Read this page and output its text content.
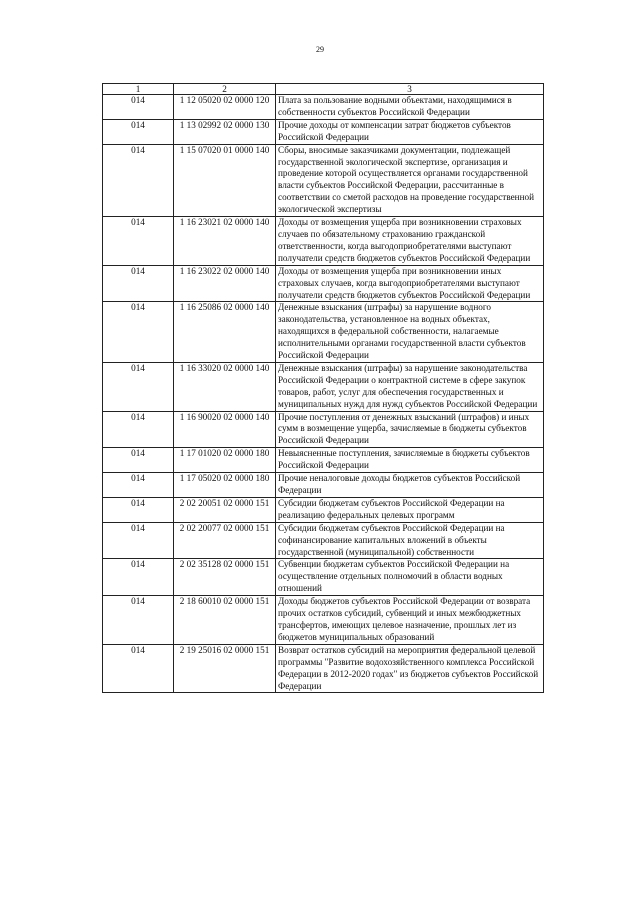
29
1	2	3
014	1 12 05020 02 0000 120	Плата за пользование водными объектами, находящимися в собственности субъектов Российской Федерации
014	1 13 02992 02 0000 130	Прочие доходы от компенсации затрат бюджетов субъектов Российской Федерации
014	1 15 07020 01 0000 140	Сборы, вносимые заказчиками документации, подлежащей государственной экологической экспертизе, организация и проведение которой осуществляется органами государственной власти субъектов Российской Федерации, рассчитанные в соответствии со сметой расходов на проведение государственной экологической экспертизы
014	1 16 23021 02 0000 140	Доходы от возмещения ущерба при возникновении страховых случаев по обязательному страхованию гражданской ответственности, когда выгодоприобретателями выступают получатели средств бюджетов субъектов Российской Федерации
014	1 16 23022 02 0000 140	Доходы от возмещения ущерба при возникновении иных страховых случаев, когда выгодоприобретателями выступают получатели средств бюджетов субъектов Российской Федерации
014	1 16 25086 02 0000 140	Денежные взыскания (штрафы) за нарушение водного законодательства, установленное на водных объектах, находящихся в федеральной собственности, налагаемые исполнительными органами государственной власти субъектов Российской Федерации
014	1 16 33020 02 0000 140	Денежные взыскания (штрафы) за нарушение законодательства Российской Федерации о контрактной системе в сфере закупок товаров, работ, услуг для обеспечения государственных и муниципальных нужд для нужд субъектов Российской Федерации
014	1 16 90020 02 0000 140	Прочие поступления от денежных взысканий (штрафов) и иных сумм в возмещение ущерба, зачисляемые в бюджеты субъектов Российской Федерации
014	1 17 01020 02 0000 180	Невыясненные поступления, зачисляемые в бюджеты субъектов Российской Федерации
014	1 17 05020 02 0000 180	Прочие неналоговые доходы бюджетов субъектов Российской Федерации
014	2 02 20051 02 0000 151	Субсидии бюджетам субъектов Российской Федерации на реализацию федеральных целевых программ
014	2 02 20077 02 0000 151	Субсидии бюджетам субъектов Российской Федерации на софинансирование капитальных вложений в объекты государственной (муниципальной) собственности
014	2 02 35128 02 0000 151	Субвенции бюджетам субъектов Российской Федерации на осуществление отдельных полномочий в области водных отношений
014	2 18 60010 02 0000 151	Доходы бюджетов субъектов Российской Федерации от возврата прочих остатков субсидий, субвенций и иных межбюджетных трансфертов, имеющих целевое назначение, прошлых лет из бюджетов муниципальных образований
014	2 19 25016 02 0000 151	Возврат остатков субсидий на мероприятия федеральной целевой программы "Развитие водохозяйственного комплекса Российской Федерации в 2012-2020 годах" из бюджетов субъектов Российской Федерации
